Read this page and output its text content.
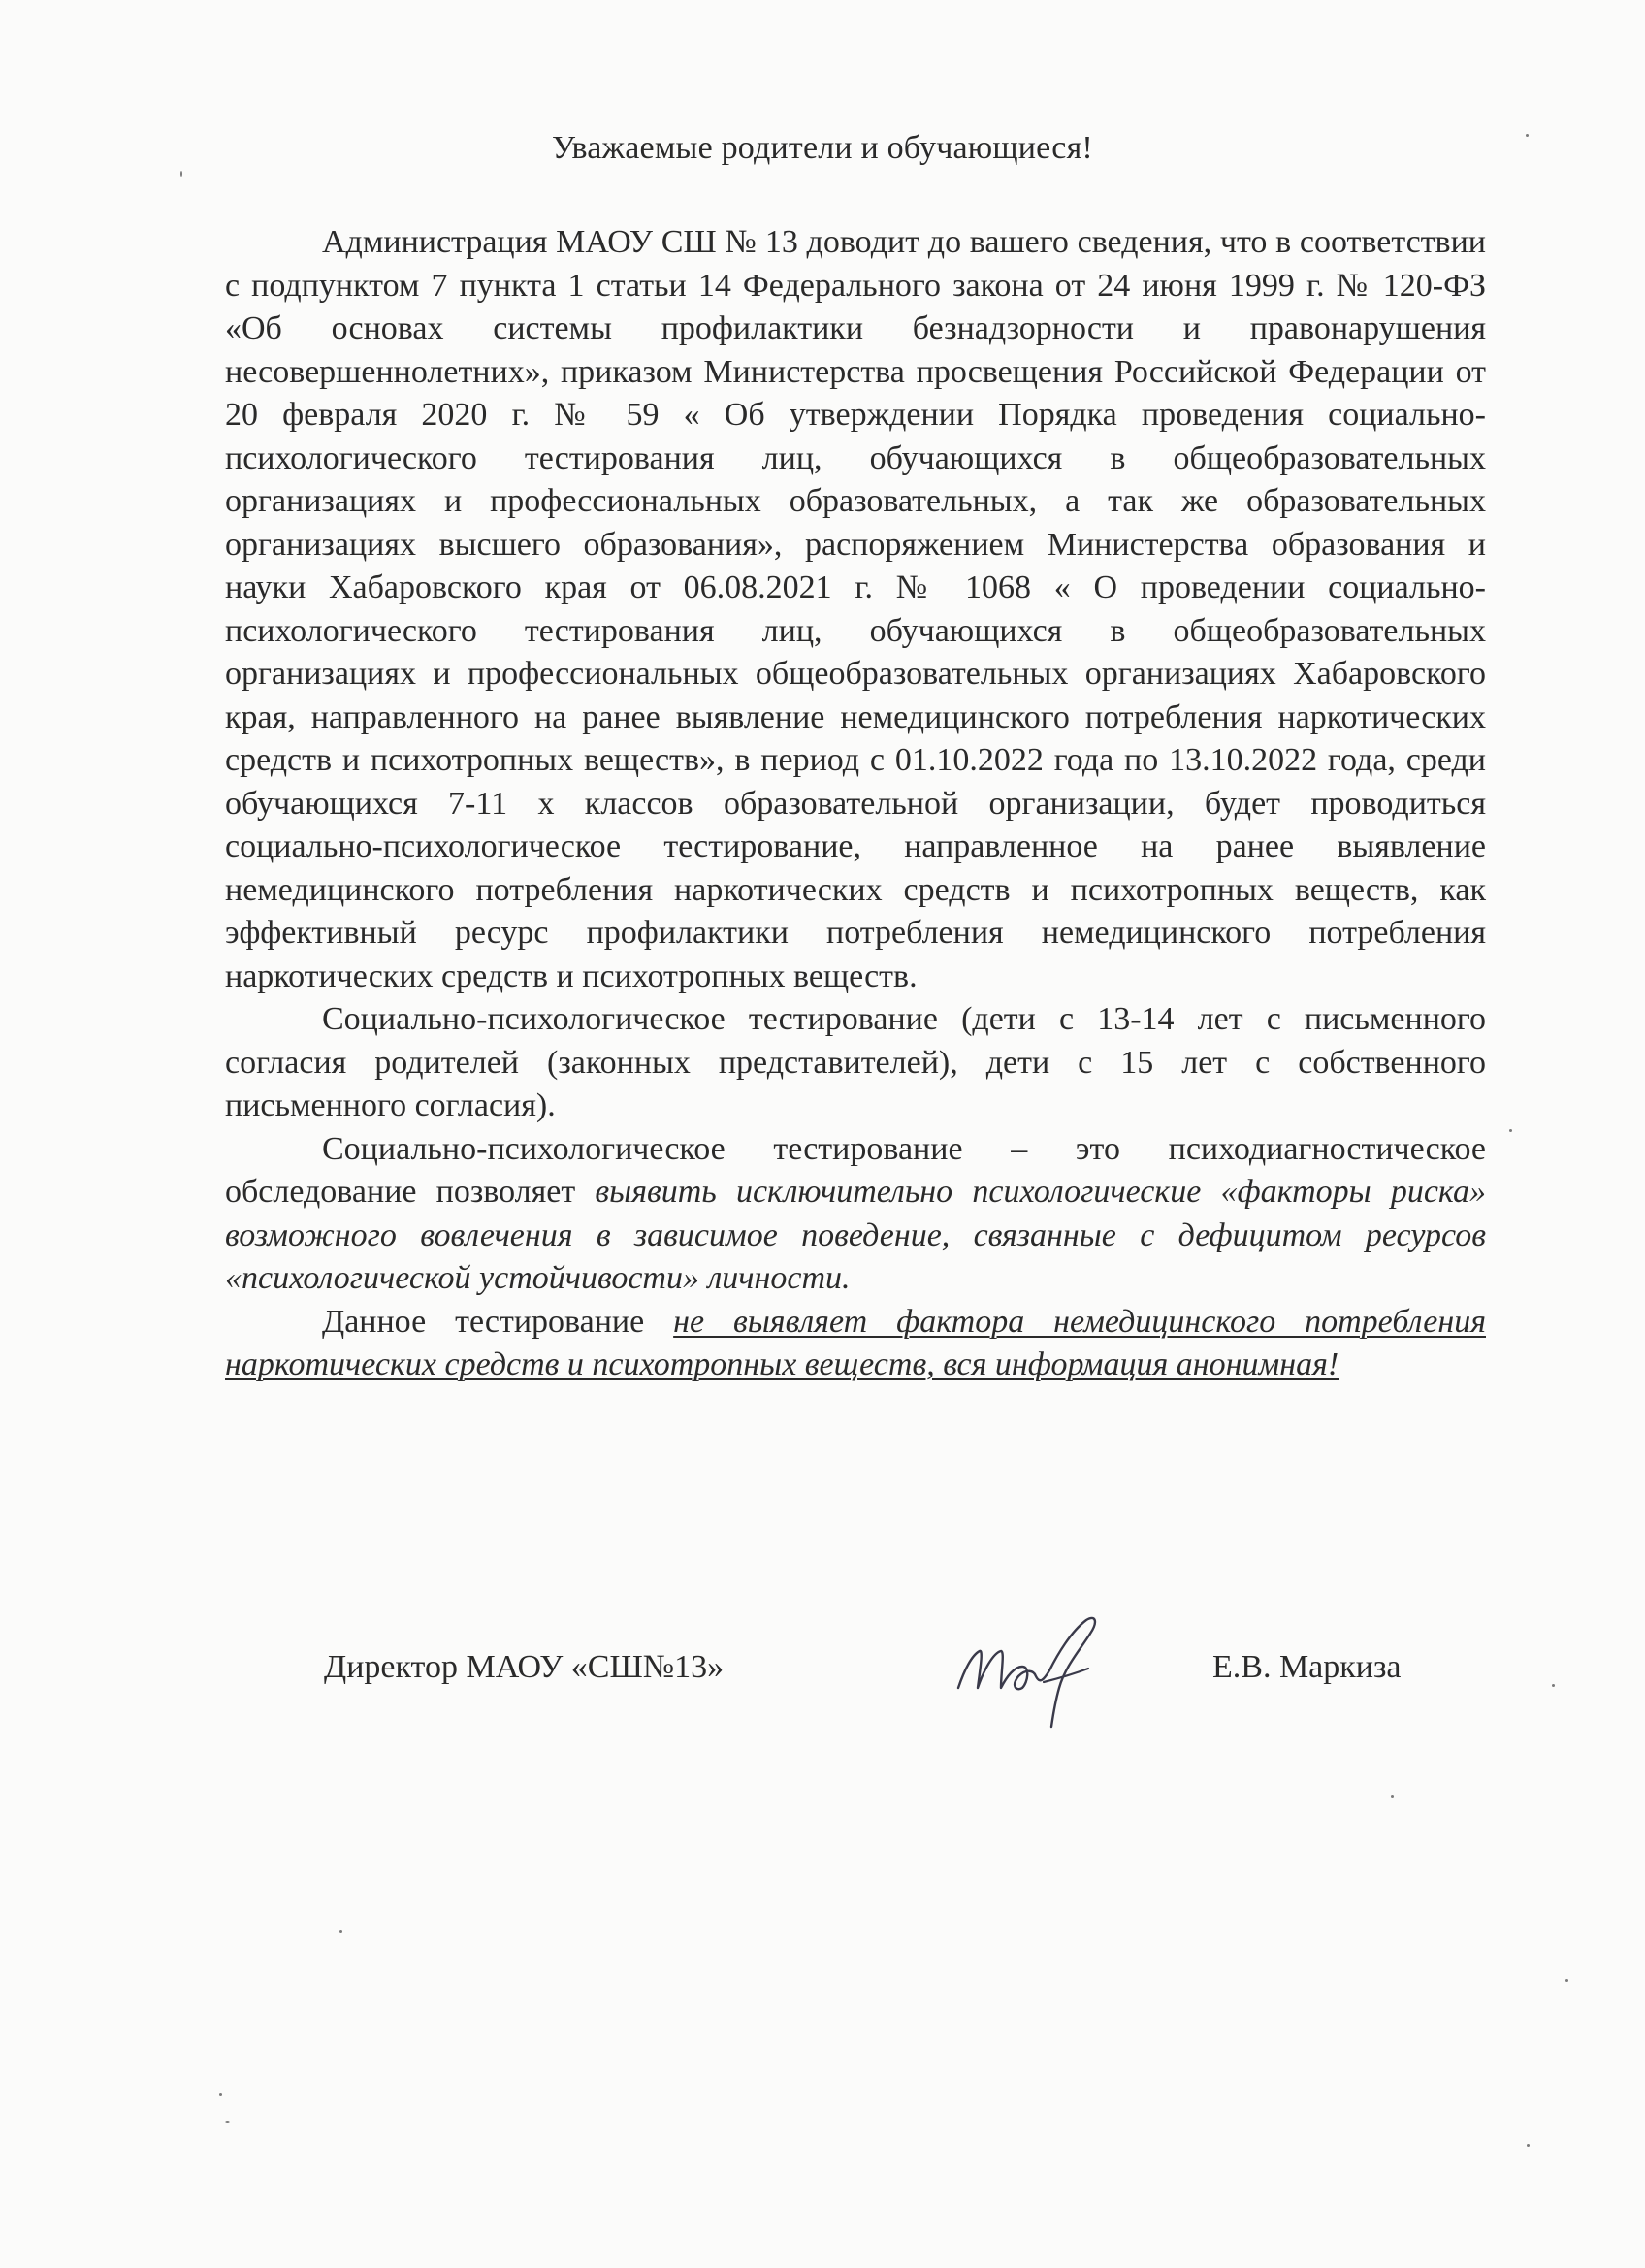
Уважаемые родители и обучающиеся!

Администрация МАОУ СШ № 13 доводит до вашего сведения, что в соответствии с подпунктом 7 пункта 1 статьи 14 Федерального закона от 24 июня 1999 г. № 120-ФЗ «Об основах системы профилактики безнадзорности и правонарушения несовершеннолетних», приказом Министерства просвещения Российской Федерации от 20 февраля 2020 г. № 59 « Об утверждении Порядка проведения социально-психологического тестирования лиц, обучающихся в общеобразовательных организациях и профессиональных образовательных, а так же образовательных организациях высшего образования», распоряжением Министерства образования и науки Хабаровского края от 06.08.2021 г. № 1068 « О проведении социально-психологического тестирования лиц, обучающихся в общеобразовательных организациях и профессиональных общеобразовательных организациях Хабаровского края, направленного на ранее выявление немедицинского потребления наркотических средств и психотропных веществ», в период с 01.10.2022 года по 13.10.2022 года, среди обучающихся 7-11 х классов образовательной организации, будет проводиться социально-психологическое тестирование, направленное на ранее выявление немедицинского потребления наркотических средств и психотропных веществ, как эффективный ресурс профилактики потребления немедицинского потребления наркотических средств и психотропных веществ.

Социально-психологическое тестирование (дети с 13-14 лет с письменного согласия родителей (законных представителей), дети с 15 лет с собственного письменного согласия).

Социально-психологическое тестирование – это психодиагностическое обследование позволяет выявить исключительно психологические «факторы риска» возможного вовлечения в зависимое поведение, связанные с дефицитом ресурсов «психологической устойчивости» личности.

Данное тестирование не выявляет фактора немедицинского потребления наркотических средств и психотропных веществ, вся информация анонимная!

Директор МАОУ «СШ№13»	Е.В. Маркиза
